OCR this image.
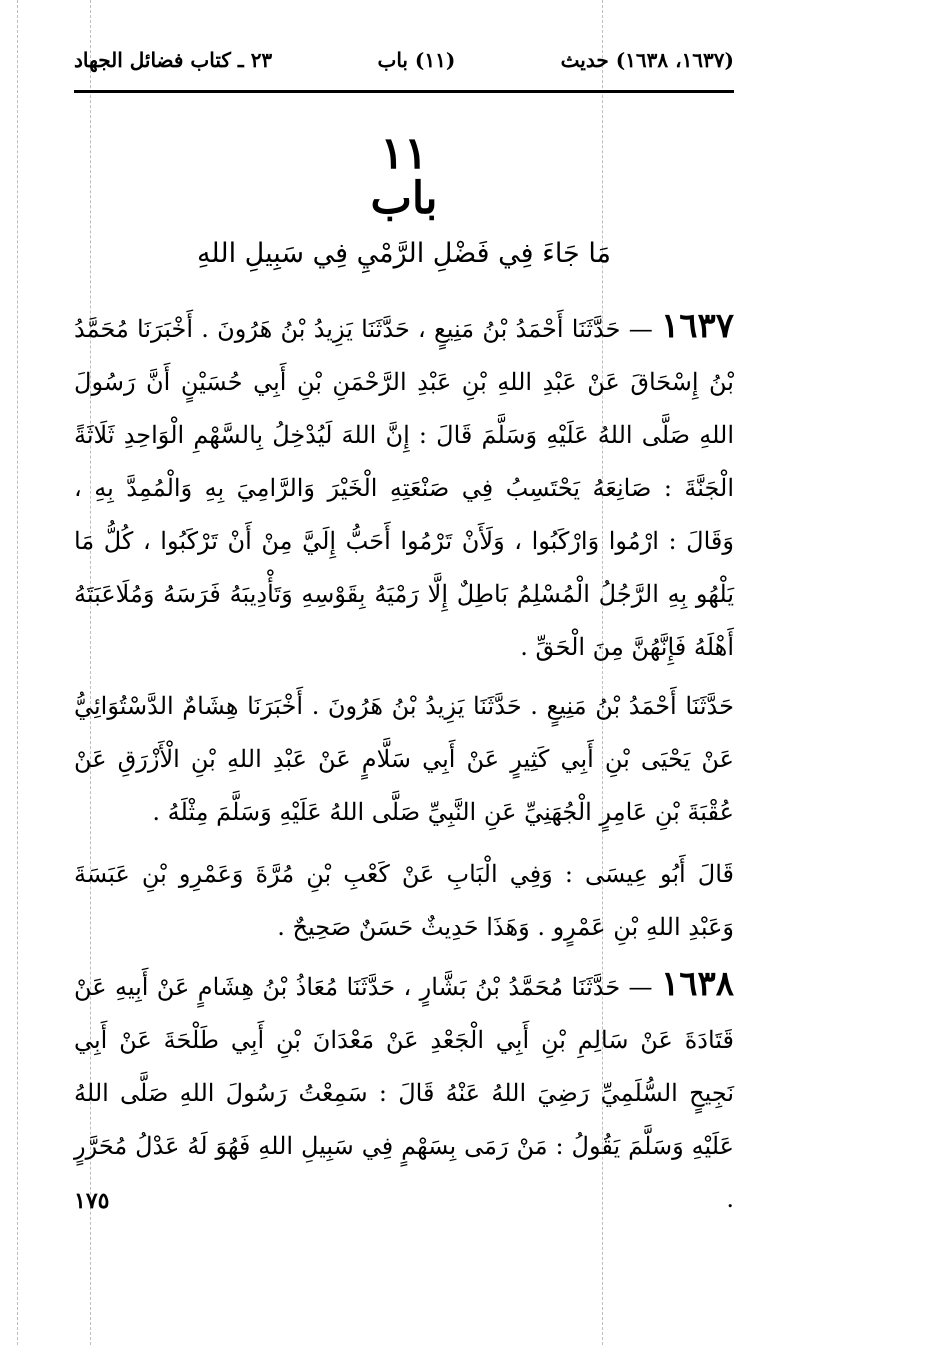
٢٣ ـ كتاب فضائل الجهاد	(١١) باب	(١٦٣٧، ١٦٣٨) حديث
١١
باب
مَا جَاءَ فِي فَضْلِ الرَّمْيِ فِي سَبِيلِ اللهِ
١٦٣٧ — حَدَّثَنَا أَحْمَدُ بْنُ مَنِيعٍ ، حَدَّثَنَا يَزِيدُ بْنُ هَرُونَ . أَخْبَرَنَا مُحَمَّدُ بْنُ إِسْحَاقَ عَنْ عَبْدِ اللهِ بْنِ عَبْدِ الرَّحْمَنِ بْنِ أَبِي حُسَيْنٍ أَنَّ رَسُولَ اللهِ صَلَّى اللهُ عَلَيْهِ وَسَلَّمَ قَالَ : إِنَّ اللهَ لَيُدْخِلُ بِالسَّهْمِ الْوَاحِدِ ثَلَاثَةً الْجَنَّةَ : صَانِعَهُ يَحْتَسِبُ فِي صَنْعَتِهِ الْخَيْرَ وَالرَّامِيَ بِهِ وَالْمُمِدَّ بِهِ ، وَقَالَ : ارْمُوا وَارْكَبُوا ، وَلَأَنْ تَرْمُوا أَحَبُّ إِلَيَّ مِنْ أَنْ تَرْكَبُوا ، كُلُّ مَا يَلْهُو بِهِ الرَّجُلُ الْمُسْلِمُ بَاطِلٌ إِلَّا رَمْيَهُ بِقَوْسِهِ وَتَأْدِيبَهُ فَرَسَهُ وَمُلَاعَبَتَهُ أَهْلَهُ فَإِنَّهُنَّ مِنَ الْحَقِّ .
حَدَّثَنَا أَحْمَدُ بْنُ مَنِيعٍ . حَدَّثَنَا يَزِيدُ بْنُ هَرُونَ . أَخْبَرَنَا هِشَامٌ الدَّسْتُوَائِيُّ عَنْ يَحْيَى بْنِ أَبِي كَثِيرٍ عَنْ أَبِي سَلَّامٍ عَنْ عَبْدِ اللهِ بْنِ الْأَزْرَقِ عَنْ عُقْبَةَ بْنِ عَامِرٍ الْجُهَنِيِّ عَنِ النَّبِيِّ صَلَّى اللهُ عَلَيْهِ وَسَلَّمَ مِثْلَهُ .
قَالَ أَبُو عِيسَى : وَفِي الْبَابِ عَنْ كَعْبِ بْنِ مُرَّةَ وَعَمْرِو بْنِ عَبَسَةَ وَعَبْدِ اللهِ بْنِ عَمْرٍو . وَهَذَا حَدِيثٌ حَسَنٌ صَحِيحٌ .
١٦٣٨ — حَدَّثَنَا مُحَمَّدُ بْنُ بَشَّارٍ ، حَدَّثَنَا مُعَاذُ بْنُ هِشَامٍ عَنْ أَبِيهِ عَنْ قَتَادَةَ عَنْ سَالِمِ بْنِ أَبِي الْجَعْدِ عَنْ مَعْدَانَ بْنِ أَبِي طَلْحَةَ عَنْ أَبِي نَجِيحٍ السُّلَمِيِّ رَضِيَ اللهُ عَنْهُ قَالَ : سَمِعْتُ رَسُولَ اللهِ صَلَّى اللهُ عَلَيْهِ وَسَلَّمَ يَقُولُ : مَنْ رَمَى بِسَهْمٍ فِي سَبِيلِ اللهِ فَهُوَ لَهُ عَدْلُ مُحَرَّرٍ .
١٧٥
